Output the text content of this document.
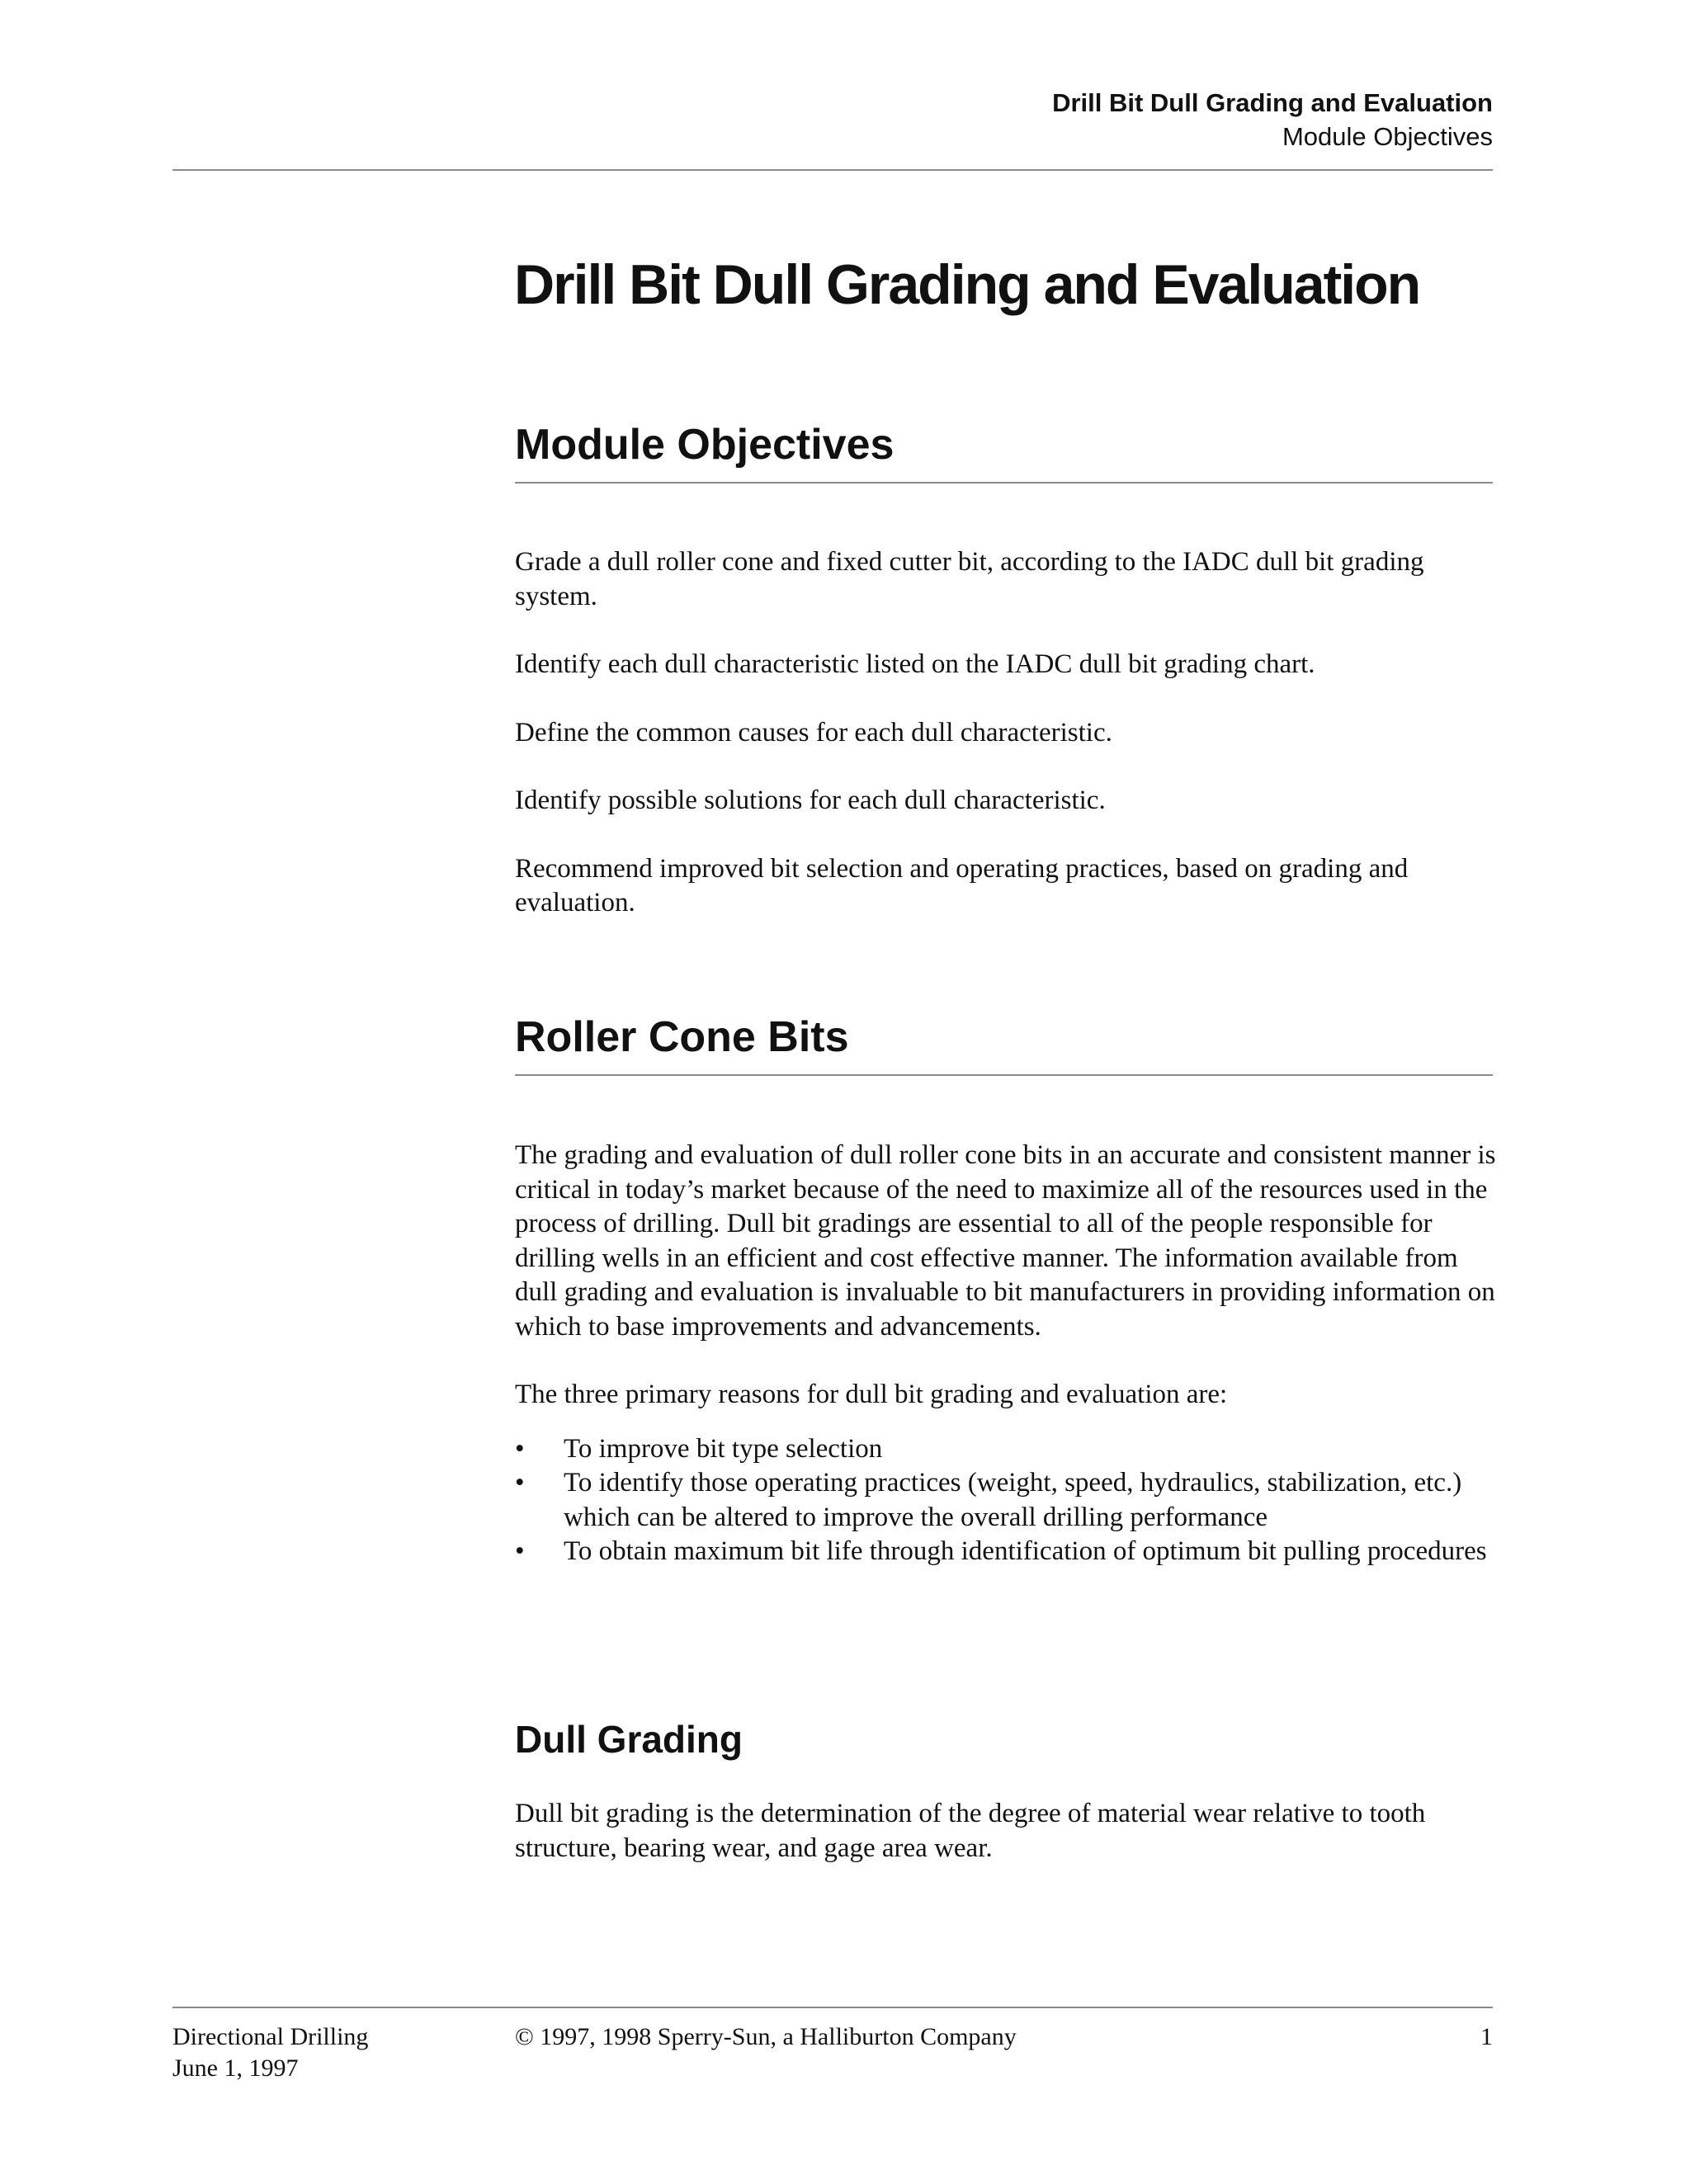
Drill Bit Dull Grading and Evaluation
Module Objectives
Drill Bit Dull Grading and Evaluation
Module Objectives

Grade a dull roller cone and fixed cutter bit, according to the IADC dull bit grading system.

Identify each dull characteristic listed on the IADC dull bit grading chart.

Define the common causes for each dull characteristic.

Identify possible solutions for each dull characteristic.

Recommend improved bit selection and operating practices, based on grading and evaluation.

Roller Cone Bits

The grading and evaluation of dull roller cone bits in an accurate and consistent manner is critical in today’s market because of the need to maximize all of the resources used in the process of drilling. Dull bit gradings are essential to all of the people responsible for drilling wells in an efficient and cost effective manner. The information available from dull grading and evaluation is invaluable to bit manufacturers in providing information on which to base improvements and advancements.

The three primary reasons for dull bit grading and evaluation are:

• To improve bit type selection
• To identify those operating practices (weight, speed, hydraulics, stabilization, etc.) which can be altered to improve the overall drilling performance
• To obtain maximum bit life through identification of optimum bit pulling procedures
Dull Grading

Dull bit grading is the determination of the degree of material wear relative to tooth structure, bearing wear, and gage area wear.

Directional Drilling
June 1, 1997
© 1997, 1998 Sperry-Sun, a Halliburton Company	1
